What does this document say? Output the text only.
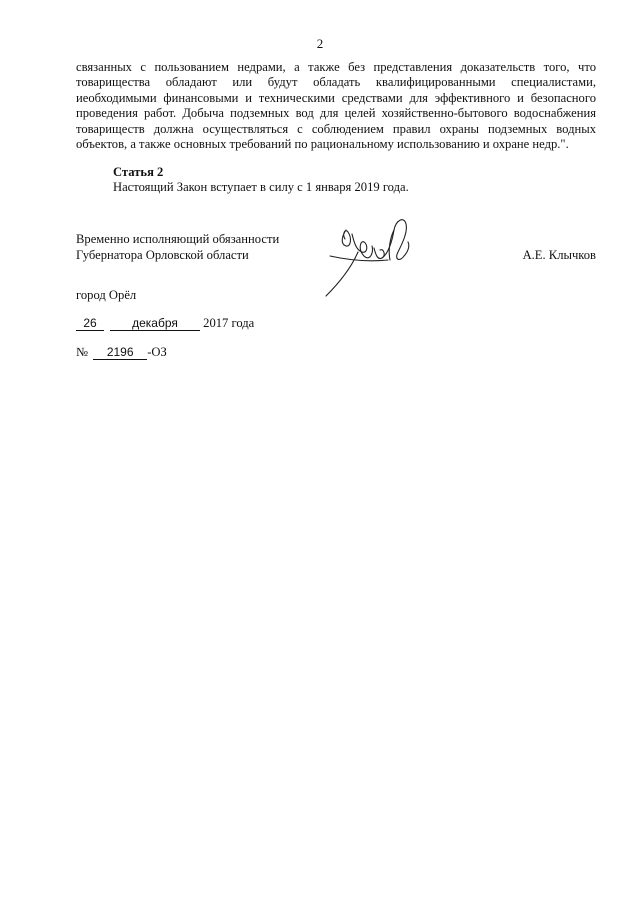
2

связанных с пользованием недрами, а также без представления доказательств того, что товарищества обладают или будут обладать квалифицированными специалистами, иеобходимыми финансовыми и техническими средствами для эффективного и безопасного проведения работ. Добыча подземных вод для целей хозяйственно-бытового водоснабжения товариществ должна осуществляться с соблюдением правил охраны подземных водных объектов, а также основных требований по рациональному использованию и охране недр.".

Статья 2
Настоящий Закон вступает в силу с 1 января 2019 года.
Временно исполняющий обязанности
Губернатора Орловской области	А.Е. Клычков
город Орёл
26	декабря 2017 года
№ 2196 -ОЗ
